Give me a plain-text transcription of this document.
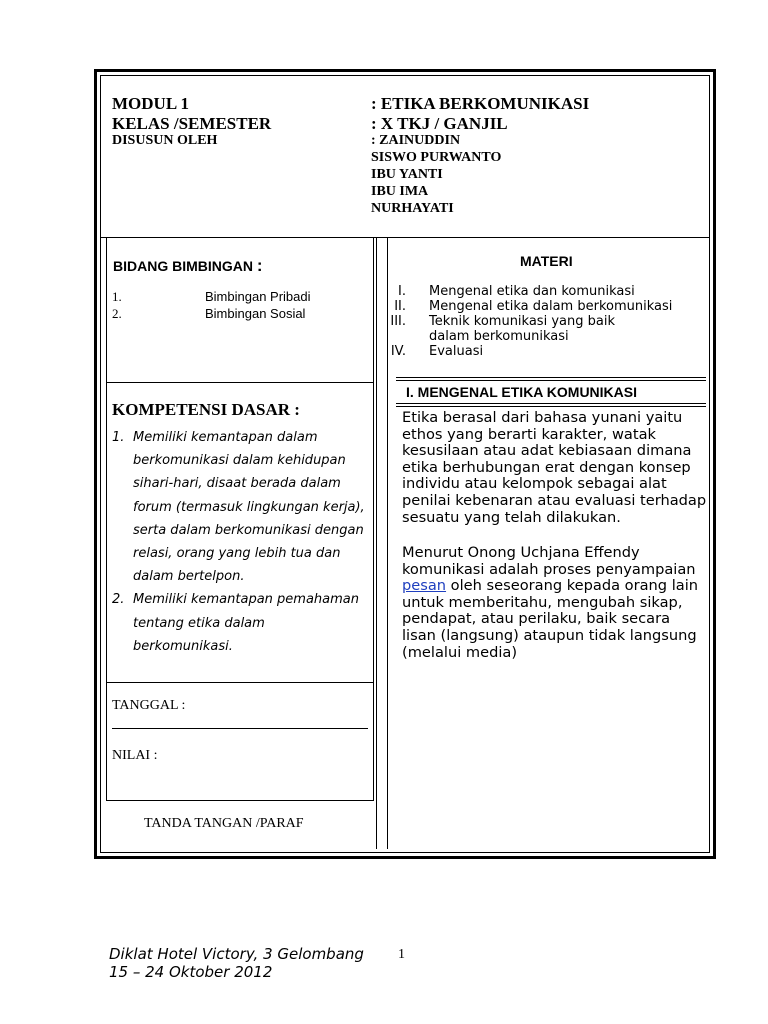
MODUL 1	: ETIKA BERKOMUNIKASI
KELAS /SEMESTER	: X TKJ / GANJIL
DISUSUN OLEH	: ZAINUDDIN
SISWO PURWANTO
IBU YANTI
IBU IMA
NURHAYATI
BIDANG BIMBINGAN :
1.	Bimbingan Pribadi
2.	Bimbingan Sosial
MATERI
I.	Mengenal etika dan komunikasi
II.	Mengenal etika dalam berkomunikasi
III.	Teknik komunikasi yang baik dalam berkomunikasi
IV.	Evaluasi
KOMPETENSI DASAR :
1. Memiliki kemantapan dalam berkomunikasi dalam kehidupan sihari-hari, disaat berada dalam forum (termasuk lingkungan kerja), serta dalam berkomunikasi dengan relasi, orang yang lebih tua dan dalam bertelpon.
2. Memiliki kemantapan pemahaman tentang etika dalam berkomunikasi.
TANGGAL :
NILAI :
TANDA TANGAN /PARAF
I. MENGENAL ETIKA KOMUNIKASI
Etika berasal dari bahasa yunani yaitu ethos yang berarti karakter, watak kesusilaan atau adat kebiasaan dimana etika berhubungan erat dengan konsep individu atau kelompok sebagai alat penilai kebenaran atau evaluasi terhadap sesuatu yang telah dilakukan.
Menurut Onong Uchjana Effendy komunikasi adalah proses penyampaian pesan oleh seseorang kepada orang lain untuk memberitahu, mengubah sikap, pendapat, atau perilaku, baik secara lisan (langsung) ataupun tidak langsung (melalui media)
Diklat Hotel Victory, 3 Gelombang
15 – 24 Oktober 2012
1
